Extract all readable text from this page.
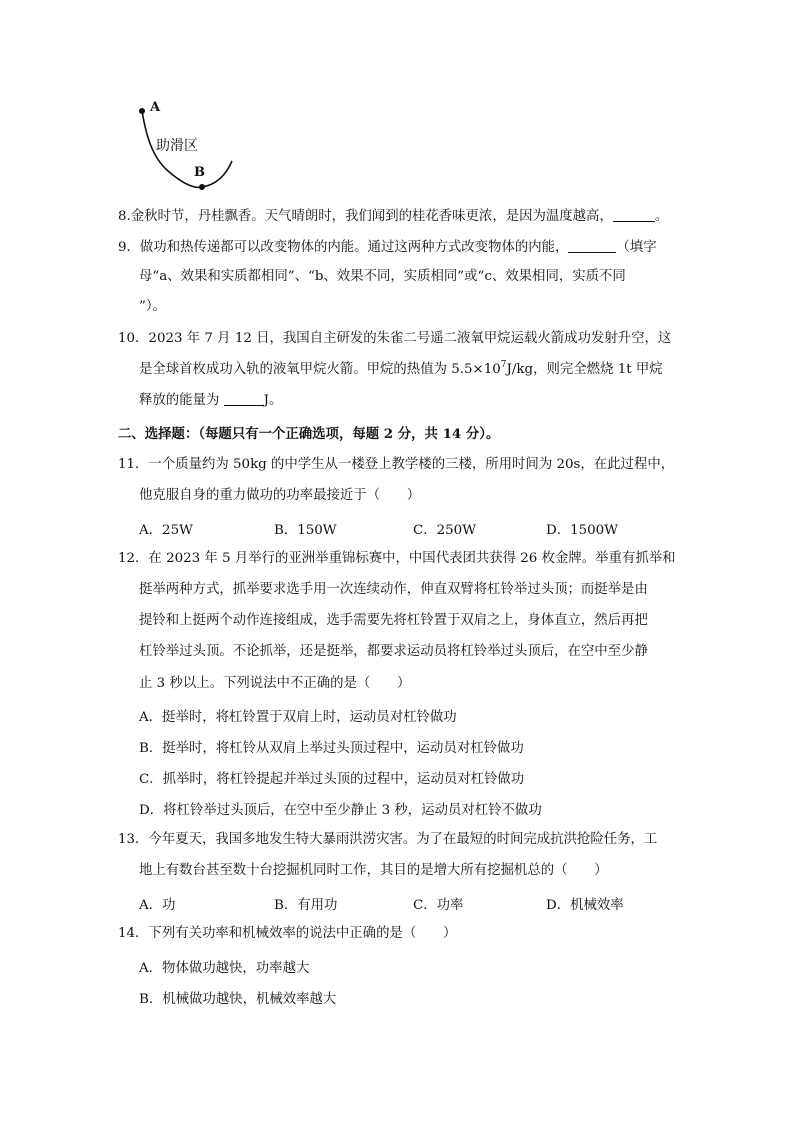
A
B
助滑区
8.金秋时节，丹桂飘香。天气晴朗时，我们闻到的桂花香味更浓，是因为温度越高，	。
9．做功和热传递都可以改变物体的内能。通过这两种方式改变物体的内能，	（填字
母“a、效果和实质都相同”、“b、效果不同，实质相同”或“c、效果相同，实质不同
”）。
10．2023 年 7 月 12 日，我国自主研发的朱雀二号遥二液氧甲烷运载火箭成功发射升空，这
是全球首枚成功入轨的液氧甲烷火箭。甲烷的热值为 $5.5\times 10^7J/kg$，则完全燃烧 1t 甲烷
释放的能量为	J。
二、选择题：（每题只有一个正确选项，每题 2 分，共 14 分）。
11．一个质量约为 50kg 的中学生从一楼登上教学楼的三楼，所用时间为 20s，在此过程中，
他克服自身的重力做功的功率最接近于（　　）
A．25W	B．150W	C．250W	D．1500W
12．在 2023 年 5 月举行的亚洲举重锦标赛中，中国代表团共获得 26 枚金牌。举重有抓举和
挺举两种方式，抓举要求选手用一次连续动作，伸直双臂将杠铃举过头顶；而挺举是由
提铃和上挺两个动作连接组成，选手需要先将杠铃置于双肩之上，身体直立，然后再把
杠铃举过头顶。不论抓举，还是挺举，都要求运动员将杠铃举过头顶后，在空中至少静
止 3 秒以上。下列说法中不正确的是（　　）
A．挺举时，将杠铃置于双肩上时，运动员对杠铃做功
B．挺举时，将杠铃从双肩上举过头顶过程中，运动员对杠铃做功
C．抓举时，将杠铃提起并举过头顶的过程中，运动员对杠铃做功
D．将杠铃举过头顶后，在空中至少静止 3 秒，运动员对杠铃不做功
13．今年夏天，我国多地发生特大暴雨洪涝灾害。为了在最短的时间完成抗洪抢险任务，工
地上有数台甚至数十台挖掘机同时工作，其目的是增大所有挖掘机总的（　　）
A．功	B．有用功	C．功率	D．机械效率
14．下列有关功率和机械效率的说法中正确的是（　　）
A．物体做功越快，功率越大
B．机械做功越快，机械效率越大
